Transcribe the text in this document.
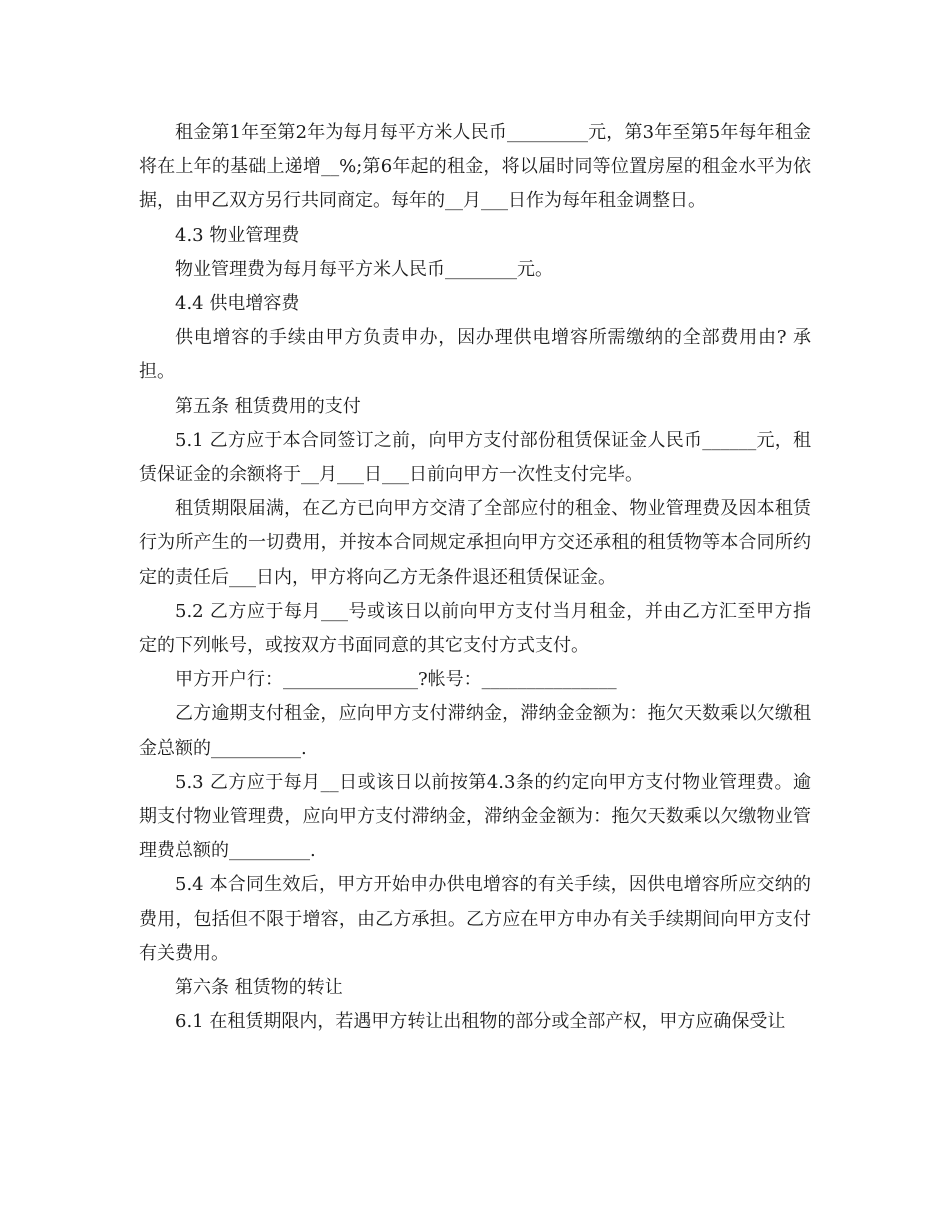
租金第1年至第2年为每月每平方米人民币_________元，第3年至第5年每年租金将在上年的基础上递增__%;第6年起的租金，将以届时同等位置房屋的租金水平为依据，由甲乙双方另行共同商定。每年的__月___日作为每年租金调整日。

4.3 物业管理费

物业管理费为每月每平方米人民币________元。

4.4 供电增容费

供电增容的手续由甲方负责申办，因办理供电增容所需缴纳的全部费用由? 承担。

第五条 租赁费用的支付

5.1 乙方应于本合同签订之前，向甲方支付部份租赁保证金人民币______元，租赁保证金的余额将于__月___日___日前向甲方一次性支付完毕。

租赁期限届满，在乙方已向甲方交清了全部应付的租金、物业管理费及因本租赁行为所产生的一切费用，并按本合同规定承担向甲方交还承租的租赁物等本合同所约定的责任后___日内，甲方将向乙方无条件退还租赁保证金。

5.2 乙方应于每月___号或该日以前向甲方支付当月租金，并由乙方汇至甲方指定的下列帐号，或按双方书面同意的其它支付方式支付。

甲方开户行：_______________?帐号：_______________

乙方逾期支付租金，应向甲方支付滞纳金，滞纳金金额为：拖欠天数乘以欠缴租金总额的__________.

5.3 乙方应于每月__日或该日以前按第4.3条的约定向甲方支付物业管理费。逾期支付物业管理费，应向甲方支付滞纳金，滞纳金金额为：拖欠天数乘以欠缴物业管理费总额的_________.

5.4 本合同生效后，甲方开始申办供电增容的有关手续，因供电增容所应交纳的费用，包括但不限于增容，由乙方承担。乙方应在甲方申办有关手续期间向甲方支付有关费用。

第六条 租赁物的转让

6.1 在租赁期限内，若遇甲方转让出租物的部分或全部产权，甲方应确保受让
